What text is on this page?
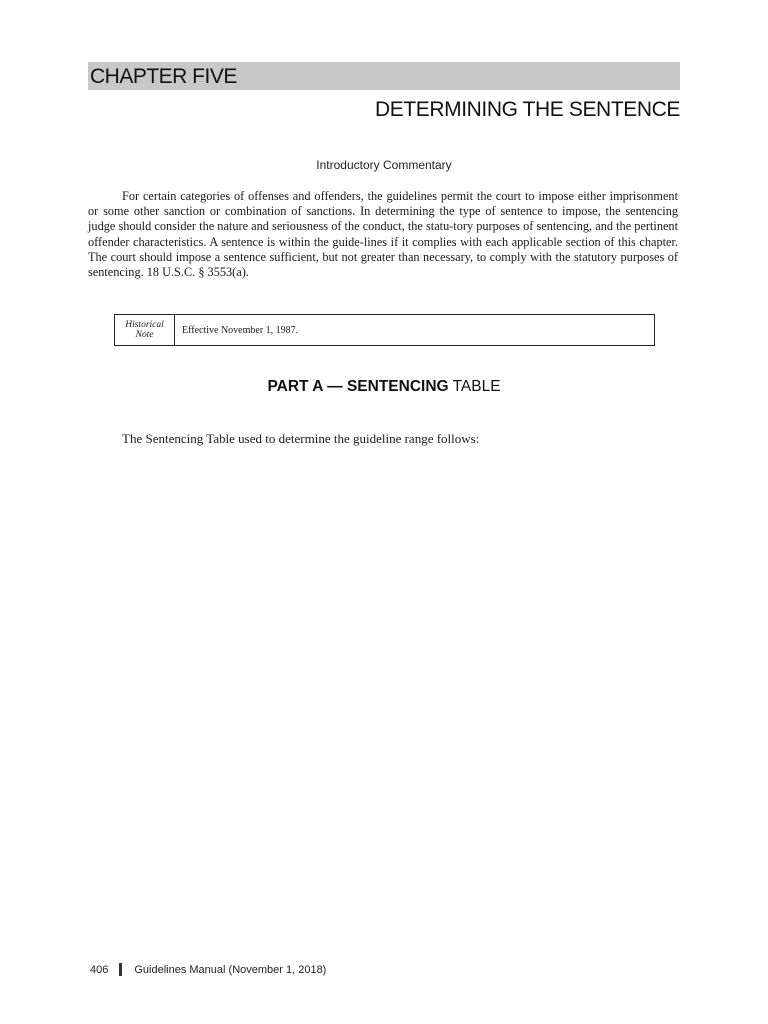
CHAPTER FIVE
DETERMINING THE SENTENCE
Introductory Commentary

For certain categories of offenses and offenders, the guidelines permit the court to impose either imprisonment or some other sanction or combination of sanctions. In determining the type of sentence to impose, the sentencing judge should consider the nature and seriousness of the conduct, the statu-tory purposes of sentencing, and the pertinent offender characteristics. A sentence is within the guide-lines if it complies with each applicable section of this chapter. The court should impose a sentence sufficient, but not greater than necessary, to comply with the statutory purposes of sentencing. 18 U.S.C. § 3553(a).

Historical
Note	Effective November 1, 1987.
PART A — SENTENCING TABLE

The Sentencing Table used to determine the guideline range follows:

406 Guidelines Manual (November 1, 2018)
